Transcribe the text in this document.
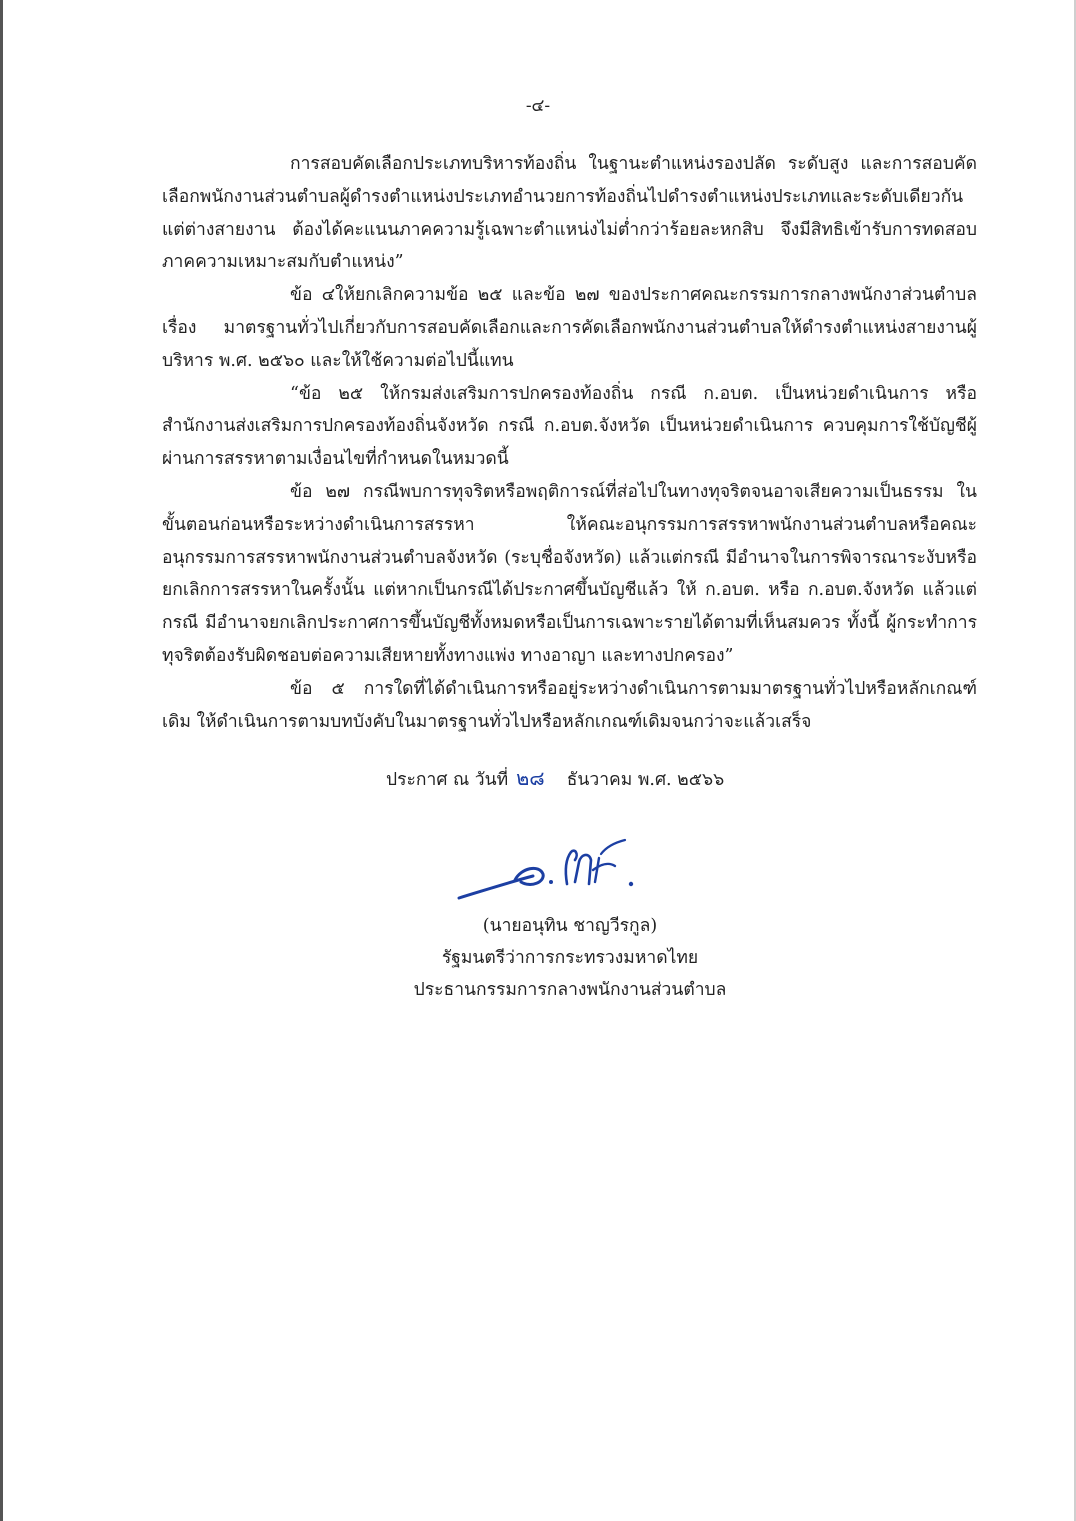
-๔-

การสอบคัดเลือกประเภทบริหารท้องถิ่น ในฐานะตำแหน่งรองปลัด ระดับสูง และการสอบคัดเลือกพนักงานส่วนตำบลผู้ดำรงตำแหน่งประเภทอำนวยการท้องถิ่นไปดำรงตำแหน่งประเภทและระดับเดียวกันแต่ต่างสายงาน ต้องได้คะแนนภาคความรู้เฉพาะตำแหน่งไม่ต่ำกว่าร้อยละหกสิบ จึงมีสิทธิเข้ารับการทดสอบภาคความเหมาะสมกับตำแหน่ง”

ข้อ ๔ให้ยกเลิกความข้อ ๒๕ และข้อ ๒๗ ของประกาศคณะกรรมการกลางพนักงาส่วนตำบล เรื่อง มาตรฐานทั่วไปเกี่ยวกับการสอบคัดเลือกและการคัดเลือกพนักงานส่วนตำบลให้ดำรงตำแหน่งสายงานผู้บริหาร พ.ศ. ๒๕๖๐ และให้ใช้ความต่อไปนี้แทน

“ข้อ ๒๕ ให้กรมส่งเสริมการปกครองท้องถิ่น กรณี ก.อบต. เป็นหน่วยดำเนินการ หรือสำนักงานส่งเสริมการปกครองท้องถิ่นจังหวัด กรณี ก.อบต.จังหวัด เป็นหน่วยดำเนินการ ควบคุมการใช้บัญชีผู้ผ่านการสรรหาตามเงื่อนไขที่กำหนดในหมวดนี้

ข้อ ๒๗ กรณีพบการทุจริตหรือพฤติการณ์ที่ส่อไปในทางทุจริตจนอาจเสียความเป็นธรรม ในขั้นตอนก่อนหรือระหว่างดำเนินการสรรหา ให้คณะอนุกรรมการสรรหาพนักงานส่วนตำบลหรือคณะอนุกรรมการสรรหาพนักงานส่วนตำบลจังหวัด (ระบุชื่อจังหวัด) แล้วแต่กรณี มีอำนาจในการพิจารณาระงับหรือยกเลิกการสรรหาในครั้งนั้น แต่หากเป็นกรณีได้ประกาศขึ้นบัญชีแล้ว ให้ ก.อบต. หรือ ก.อบต.จังหวัด แล้วแต่กรณี มีอำนาจยกเลิกประกาศการขึ้นบัญชีทั้งหมดหรือเป็นการเฉพาะรายได้ตามที่เห็นสมควร ทั้งนี้ ผู้กระทำการทุจริตต้องรับผิดชอบต่อความเสียหายทั้งทางแพ่ง ทางอาญา และทางปกครอง”

ข้อ ๕ การใดที่ได้ดำเนินการหรืออยู่ระหว่างดำเนินการตามมาตรฐานทั่วไปหรือหลักเกณฑ์เดิม ให้ดำเนินการตามบทบังคับในมาตรฐานทั่วไปหรือหลักเกณฑ์เดิมจนกว่าจะแล้วเสร็จ

ประกาศ ณ วันที่ ๒๘ ธันวาคม พ.ศ. ๒๕๖๖
(นายอนุทิน ชาญวีรกูล)
รัฐมนตรีว่าการกระทรวงมหาดไทย
ประธานกรรมการกลางพนักงานส่วนตำบล
